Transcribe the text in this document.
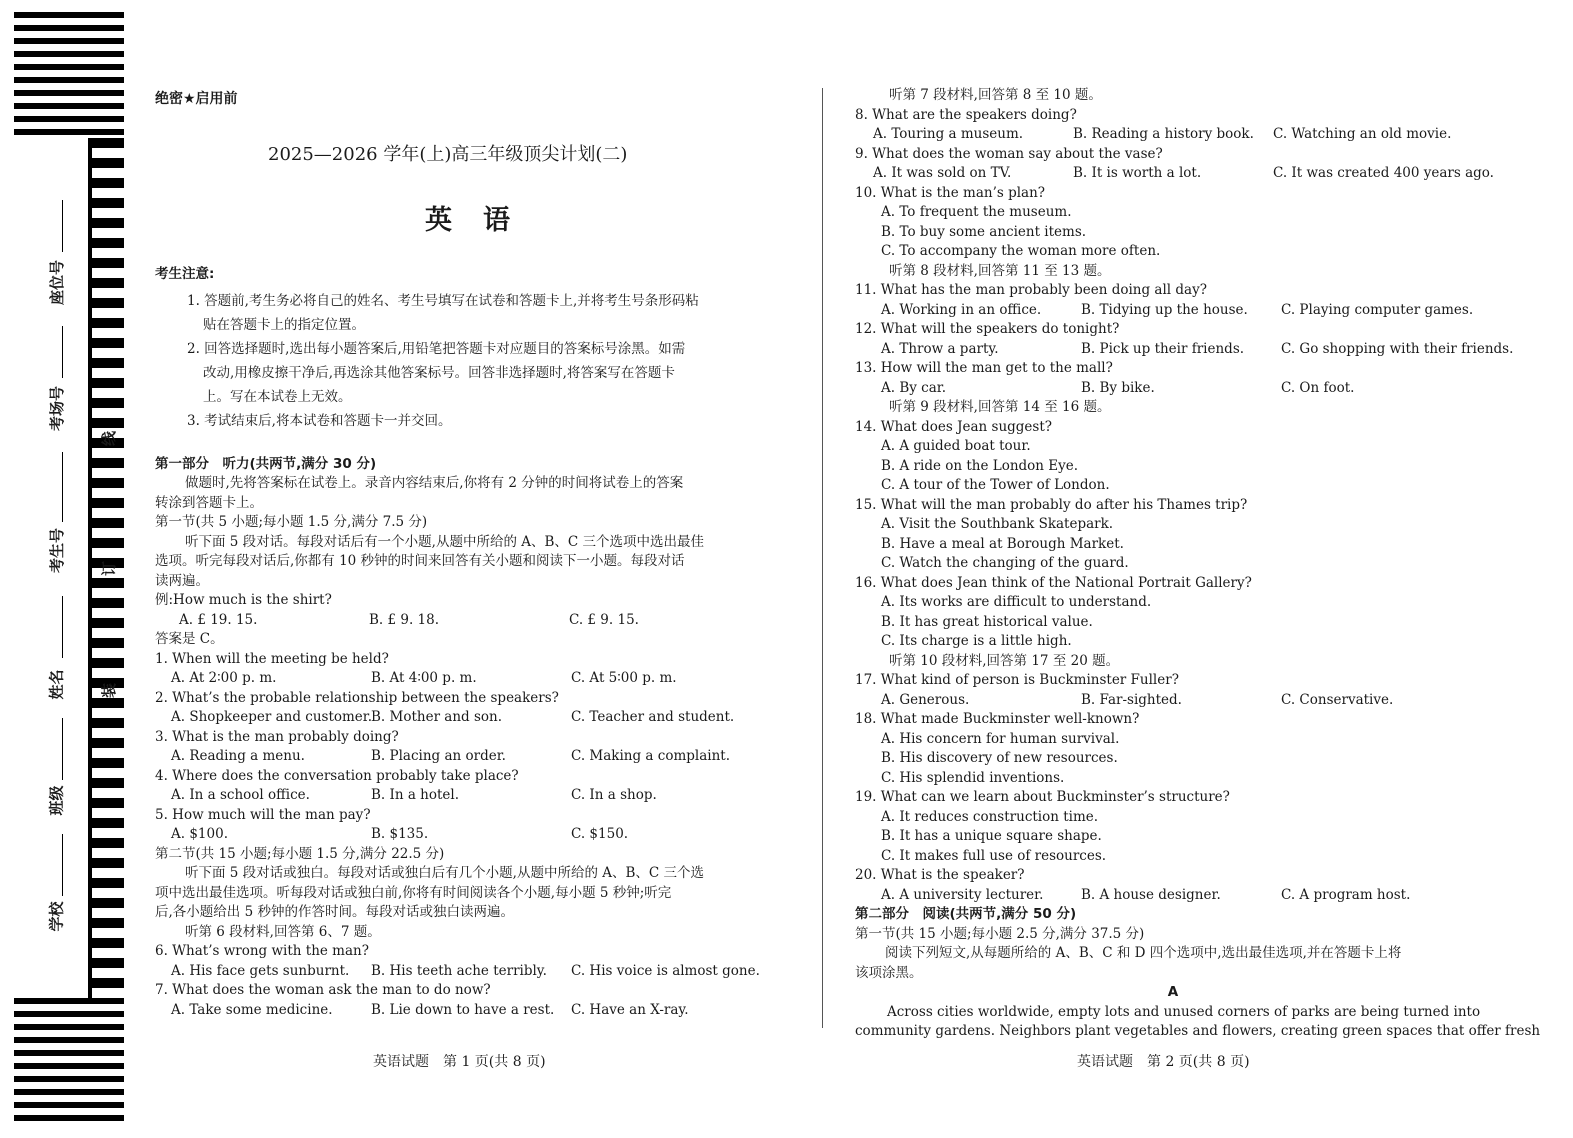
座位号
考场号
考生号
姓名
班级
学校
线
订
装
绝密★启用前
2025—2026 学年(上)高三年级顶尖计划(二)
英　语
考生注意:
1. 答题前,考生务必将自己的姓名、考生号填写在试卷和答题卡上,并将考生号条形码粘
贴在答题卡上的指定位置。
2. 回答选择题时,选出每小题答案后,用铅笔把答题卡对应题目的答案标号涂黑。如需
改动,用橡皮擦干净后,再选涂其他答案标号。回答非选择题时,将答案写在答题卡
上。写在本试卷上无效。
3. 考试结束后,将本试卷和答题卡一并交回。
第一部分　听力(共两节,满分 30 分)
做题时,先将答案标在试卷上。录音内容结束后,你将有 2 分钟的时间将试卷上的答案
转涂到答题卡上。
第一节(共 5 小题;每小题 1.5 分,满分 7.5 分)
听下面 5 段对话。每段对话后有一个小题,从题中所给的 A、B、C 三个选项中选出最佳
选项。听完每段对话后,你都有 10 秒钟的时间来回答有关小题和阅读下一小题。每段对话
读两遍。
例:How much is the shirt?
A. £ 19. 15.	B. £ 9. 18.	C. £ 9. 15.
答案是 C。
1. When will the meeting be held?
A. At 2∶00 p. m.	B. At 4∶00 p. m.	C. At 5∶00 p. m.
2. What’s the probable relationship between the speakers?
A. Shopkeeper and customer.B. Mother and son.	C. Teacher and student.
3. What is the man probably doing?
A. Reading a menu.	B. Placing an order.	C. Making a complaint.
4. Where does the conversation probably take place?
A. In a school office.	B. In a hotel.	C. In a shop.
5. How much will the man pay?
A. $100.	B. $135.	C. $150.
第二节(共 15 小题;每小题 1.5 分,满分 22.5 分)
听下面 5 段对话或独白。每段对话或独白后有几个小题,从题中所给的 A、B、C 三个选
项中选出最佳选项。听每段对话或独白前,你将有时间阅读各个小题,每小题 5 秒钟;听完
后,各小题给出 5 秒钟的作答时间。每段对话或独白读两遍。
听第 6 段材料,回答第 6、7 题。
6. What’s wrong with the man?
A. His face gets sunburnt. B. His teeth ache terribly. C. His voice is almost gone.
7. What does the woman ask the man to do now?
A. Take some medicine.	B. Lie down to have a rest. C. Have an X-ray.
听第 7 段材料,回答第 8 至 10 题。
8. What are the speakers doing?
A. Touring a museum.	B. Reading a history book. C. Watching an old movie.
9. What does the woman say about the vase?
A. It was sold on TV.	B. It is worth a lot.	C. It was created 400 years ago.
10. What is the man’s plan?
A. To frequent the museum.
B. To buy some ancient items.
C. To accompany the woman more often.
听第 8 段材料,回答第 11 至 13 题。
11. What has the man probably been doing all day?
A. Working in an office.	B. Tidying up the house. C. Playing computer games.
12. What will the speakers do tonight?
A. Throw a party.	B. Pick up their friends.	C. Go shopping with their friends.
13. How will the man get to the mall?
A. By car.	B. By bike.	C. On foot.
听第 9 段材料,回答第 14 至 16 题。
14. What does Jean suggest?
A. A guided boat tour.
B. A ride on the London Eye.
C. A tour of the Tower of London.
15. What will the man probably do after his Thames trip?
A. Visit the Southbank Skatepark.
B. Have a meal at Borough Market.
C. Watch the changing of the guard.
16. What does Jean think of the National Portrait Gallery?
A. Its works are difficult to understand.
B. It has great historical value.
C. Its charge is a little high.
听第 10 段材料,回答第 17 至 20 题。
17. What kind of person is Buckminster Fuller?
A. Generous.	B. Far-sighted.	C. Conservative.
18. What made Buckminster well-known?
A. His concern for human survival.
B. His discovery of new resources.
C. His splendid inventions.
19. What can we learn about Buckminster’s structure?
A. It reduces construction time.
B. It has a unique square shape.
C. It makes full use of resources.
20. What is the speaker?
A. A university lecturer.	B. A house designer.	C. A program host.
第二部分　阅读(共两节,满分 50 分)
第一节(共 15 小题;每小题 2.5 分,满分 37.5 分)
阅读下列短文,从每题所给的 A、B、C 和 D 四个选项中,选出最佳选项,并在答题卡上将
该项涂黑。
A
Across cities worldwide, empty lots and unused corners of parks are being turned into
community gardens. Neighbors plant vegetables and flowers, creating green spaces that offer fresh
英语试题　第 1 页(共 8 页)	英语试题　第 2 页(共 8 页)
